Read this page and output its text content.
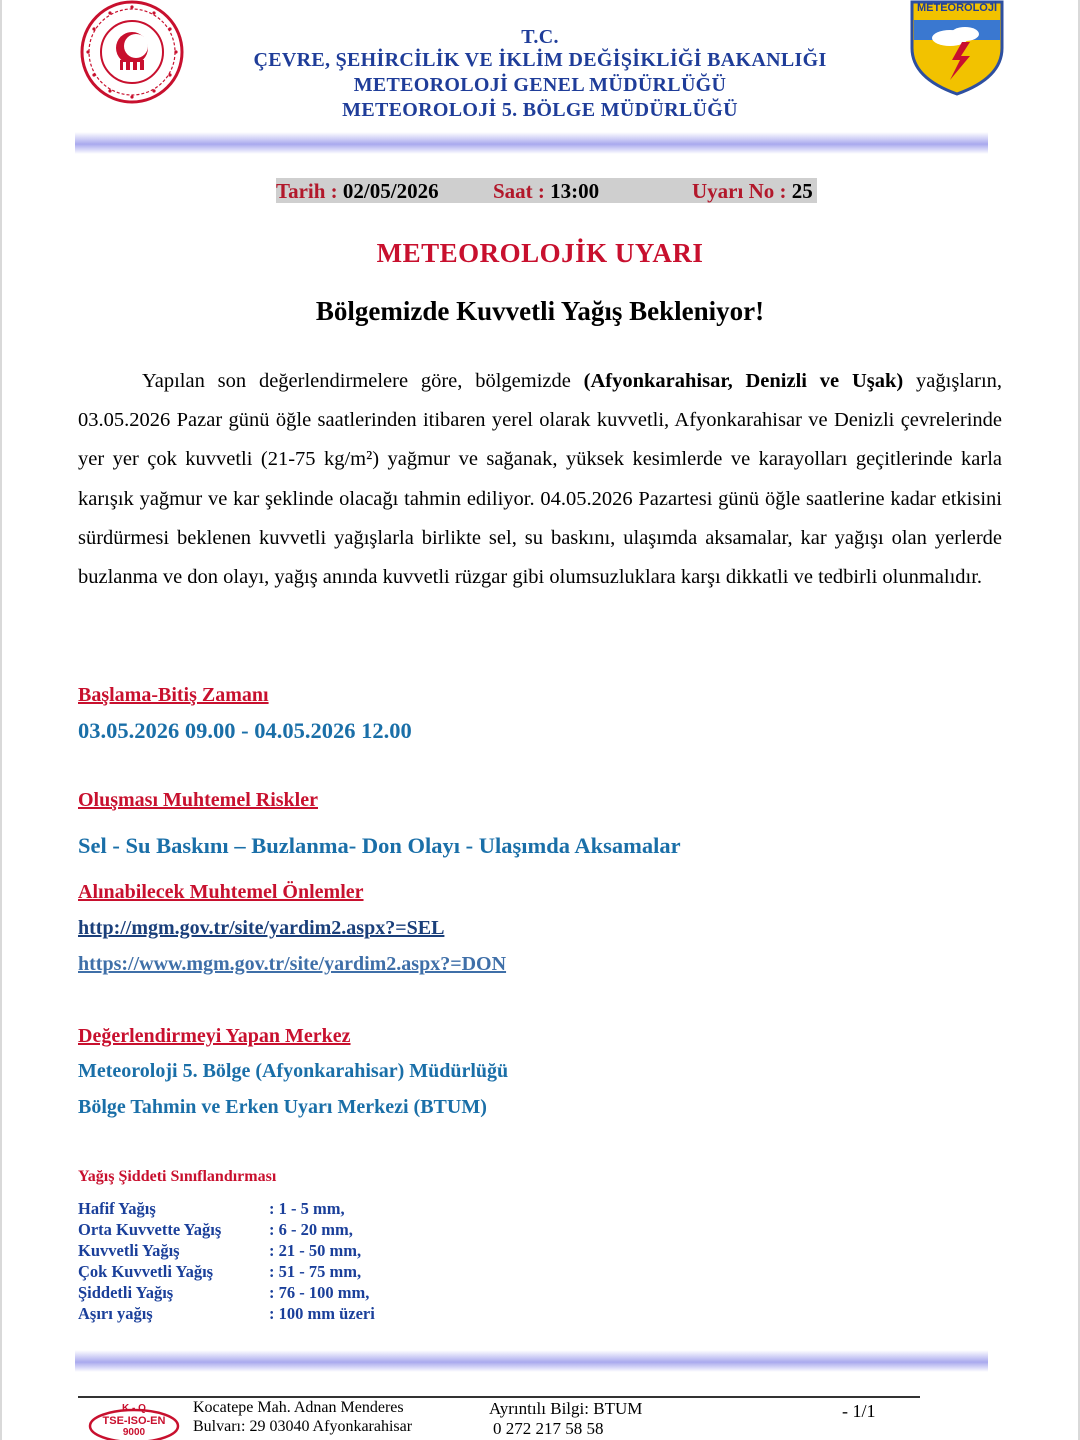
METEOROLOJİ
T.C.
ÇEVRE, ŞEHİRCİLİK VE İKLİM DEĞİŞİKLİĞİ BAKANLIĞI
METEOROLOJİ GENEL MÜDÜRLÜĞÜ
METEOROLOJİ 5. BÖLGE MÜDÜRLÜĞÜ
Tarih : 02/05/2026	Saat : 13:00	Uyarı No : 25
METEOROLOJİK UYARI
Bölgemizde Kuvvetli Yağış Bekleniyor!
Yapılan son değerlendirmelere göre, bölgemizde (Afyonkarahisar, Denizli ve Uşak) yağışların, 03.05.2026 Pazar günü öğle saatlerinden itibaren yerel olarak kuvvetli, Afyonkarahisar ve Denizli çevrelerinde yer yer çok kuvvetli (21-75 kg/m²) yağmur ve sağanak, yüksek kesimlerde ve karayolları geçitlerinde karla karışık yağmur ve kar şeklinde olacağı tahmin ediliyor. 04.05.2026 Pazartesi günü öğle saatlerine kadar etkisini sürdürmesi beklenen kuvvetli yağışlarla birlikte sel, su baskını, ulaşımda aksamalar, kar yağışı olan yerlerde buzlanma ve don olayı, yağış anında kuvvetli rüzgar gibi olumsuzluklara karşı dikkatli ve tedbirli olunmalıdır.
Başlama-Bitiş Zamanı
03.05.2026 09.00 - 04.05.2026 12.00
Oluşması Muhtemel Riskler
Sel - Su Baskını – Buzlanma- Don Olayı - Ulaşımda Aksamalar
Alınabilecek Muhtemel Önlemler
http://mgm.gov.tr/site/yardim2.aspx?=SEL
https://www.mgm.gov.tr/site/yardim2.aspx?=DON
Değerlendirmeyi Yapan Merkez
Meteoroloji 5. Bölge (Afyonkarahisar) Müdürlüğü
Bölge Tahmin ve Erken Uyarı Merkezi (BTUM)
Yağış Şiddeti Sınıflandırması
Hafif Yağış	: 1 - 5 mm,
Orta Kuvvette Yağış	: 6 - 20 mm,
Kuvvetli Yağış	: 21 - 50 mm,
Çok Kuvvetli Yağış	: 51 - 75 mm,
Şiddetli Yağış	: 76 - 100 mm,
Aşırı yağış	: 100 mm üzeri
K - Q
TSE-ISO-EN
9000
Kocatepe Mah. Adnan Menderes
Bulvarı: 29 03040 Afyonkarahisar
Ayrıntılı Bilgi: BTUM
0 272 217 58 58
- 1/1
